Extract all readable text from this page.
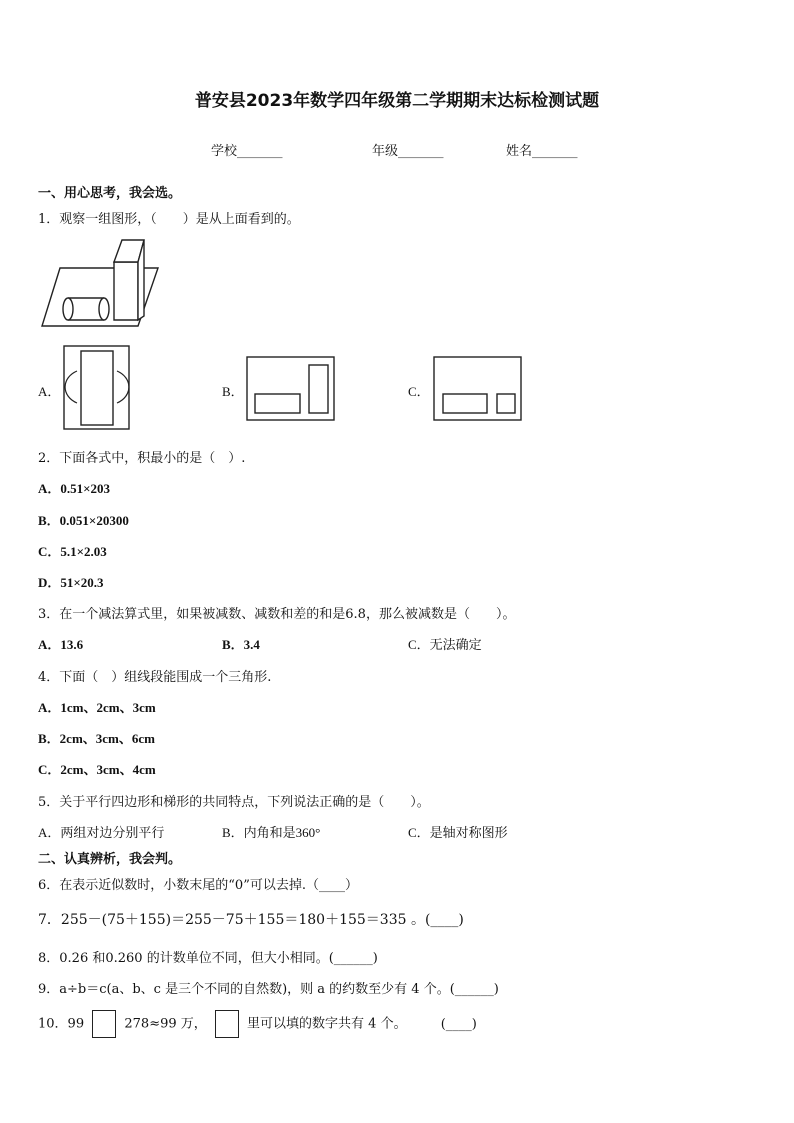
普安县2023年数学四年级第二学期期末达标检测试题
学校_______	年级_______	姓名_______
一、用心思考，我会选。
1．观察一组图形，（　　）是从上面看到的。
A．	B．	C．
2．下面各式中，积最小的是（　）.
A．0.51×203
B．0.051×20300
C．5.1×2.03
D．51×20.3
3．在一个减法算式里，如果被减数、减数和差的和是6.8，那么被减数是（　　）。
A．13.6	B．3.4	C．无法确定
4．下面（　）组线段能围成一个三角形.
A．1cm、2cm、3cm
B．2cm、3cm、6cm
C．2cm、3cm、4cm
5．关于平行四边形和梯形的共同特点，下列说法正确的是（　　）。
A．两组对边分别平行	B．内角和是360°	C．是轴对称图形
二、认真辨析，我会判。
6．在表示近似数时，小数末尾的“0”可以去掉.（____）
7．255－(75＋155)＝255－75＋155＝180＋155＝335 。(____)
8．0.26 和0.260 的计数单位不同，但大小相同。(______)
9．a÷b＝c(a、b、c 是三个不同的自然数)，则 a 的约数至少有 4 个。(______)
10．99	278≈99 万，	里可以填的数字共有 4 个。	(____)
